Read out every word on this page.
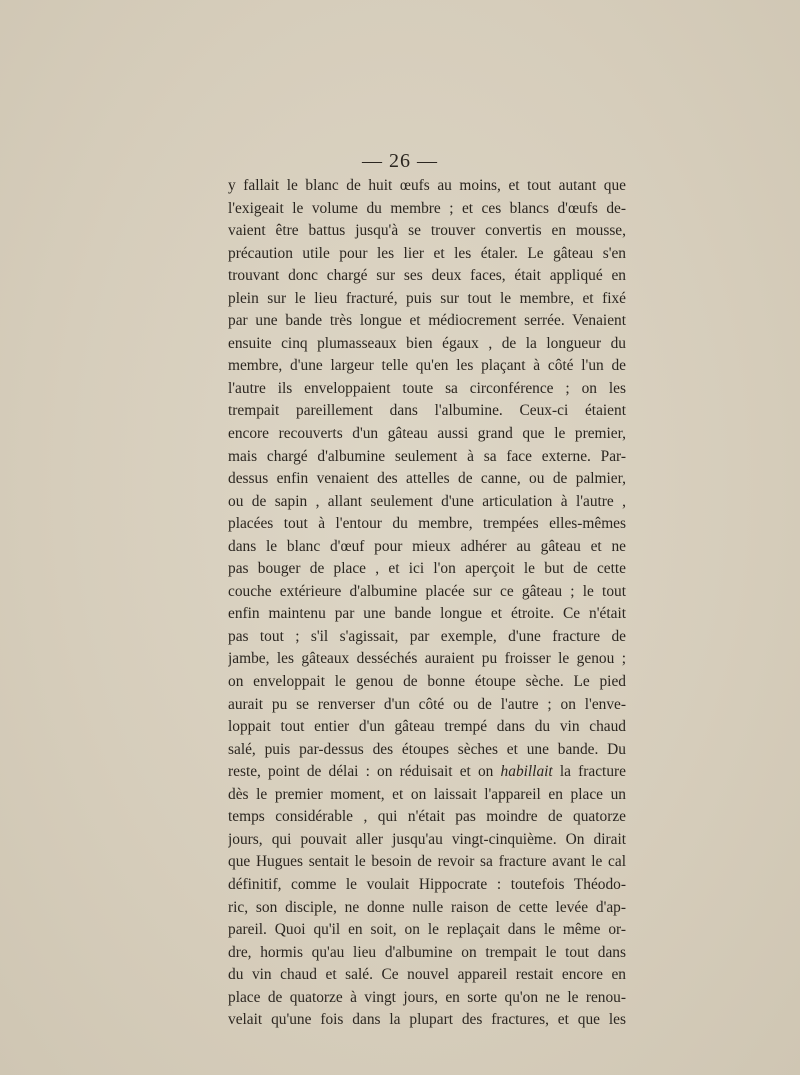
— 26 —
y fallait le blanc de huit œufs au moins, et tout autant que
l'exigeait le volume du membre ; et ces blancs d'œufs de-
vaient être battus jusqu'à se trouver convertis en mousse,
précaution utile pour les lier et les étaler. Le gâteau s'en
trouvant donc chargé sur ses deux faces, était appliqué en
plein sur le lieu fracturé, puis sur tout le membre, et fixé
par une bande très longue et médiocrement serrée. Venaient
ensuite cinq plumasseaux bien égaux , de la longueur du
membre, d'une largeur telle qu'en les plaçant à côté l'un de
l'autre ils enveloppaient toute sa circonférence ; on les
trempait pareillement dans l'albumine. Ceux-ci étaient
encore recouverts d'un gâteau aussi grand que le premier,
mais chargé d'albumine seulement à sa face externe. Par-
dessus enfin venaient des attelles de canne, ou de palmier,
ou de sapin , allant seulement d'une articulation à l'autre ,
placées tout à l'entour du membre, trempées elles-mêmes
dans le blanc d'œuf pour mieux adhérer au gâteau et ne
pas bouger de place , et ici l'on aperçoit le but de cette
couche extérieure d'albumine placée sur ce gâteau ; le tout
enfin maintenu par une bande longue et étroite. Ce n'était
pas tout ; s'il s'agissait, par exemple, d'une fracture de
jambe, les gâteaux desséchés auraient pu froisser le genou ;
on enveloppait le genou de bonne étoupe sèche. Le pied
aurait pu se renverser d'un côté ou de l'autre ; on l'enve-
loppait tout entier d'un gâteau trempé dans du vin chaud
salé, puis par-dessus des étoupes sèches et une bande. Du
reste, point de délai : on réduisait et on habillait la fracture
dès le premier moment, et on laissait l'appareil en place un
temps considérable , qui n'était pas moindre de quatorze
jours, qui pouvait aller jusqu'au vingt-cinquième. On dirait
que Hugues sentait le besoin de revoir sa fracture avant le cal
définitif, comme le voulait Hippocrate : toutefois Théodo-
ric, son disciple, ne donne nulle raison de cette levée d'ap-
pareil. Quoi qu'il en soit, on le replaçait dans le même or-
dre, hormis qu'au lieu d'albumine on trempait le tout dans
du vin chaud et salé. Ce nouvel appareil restait encore en
place de quatorze à vingt jours, en sorte qu'on ne le renou-
velait qu'une fois dans la plupart des fractures, et que les
